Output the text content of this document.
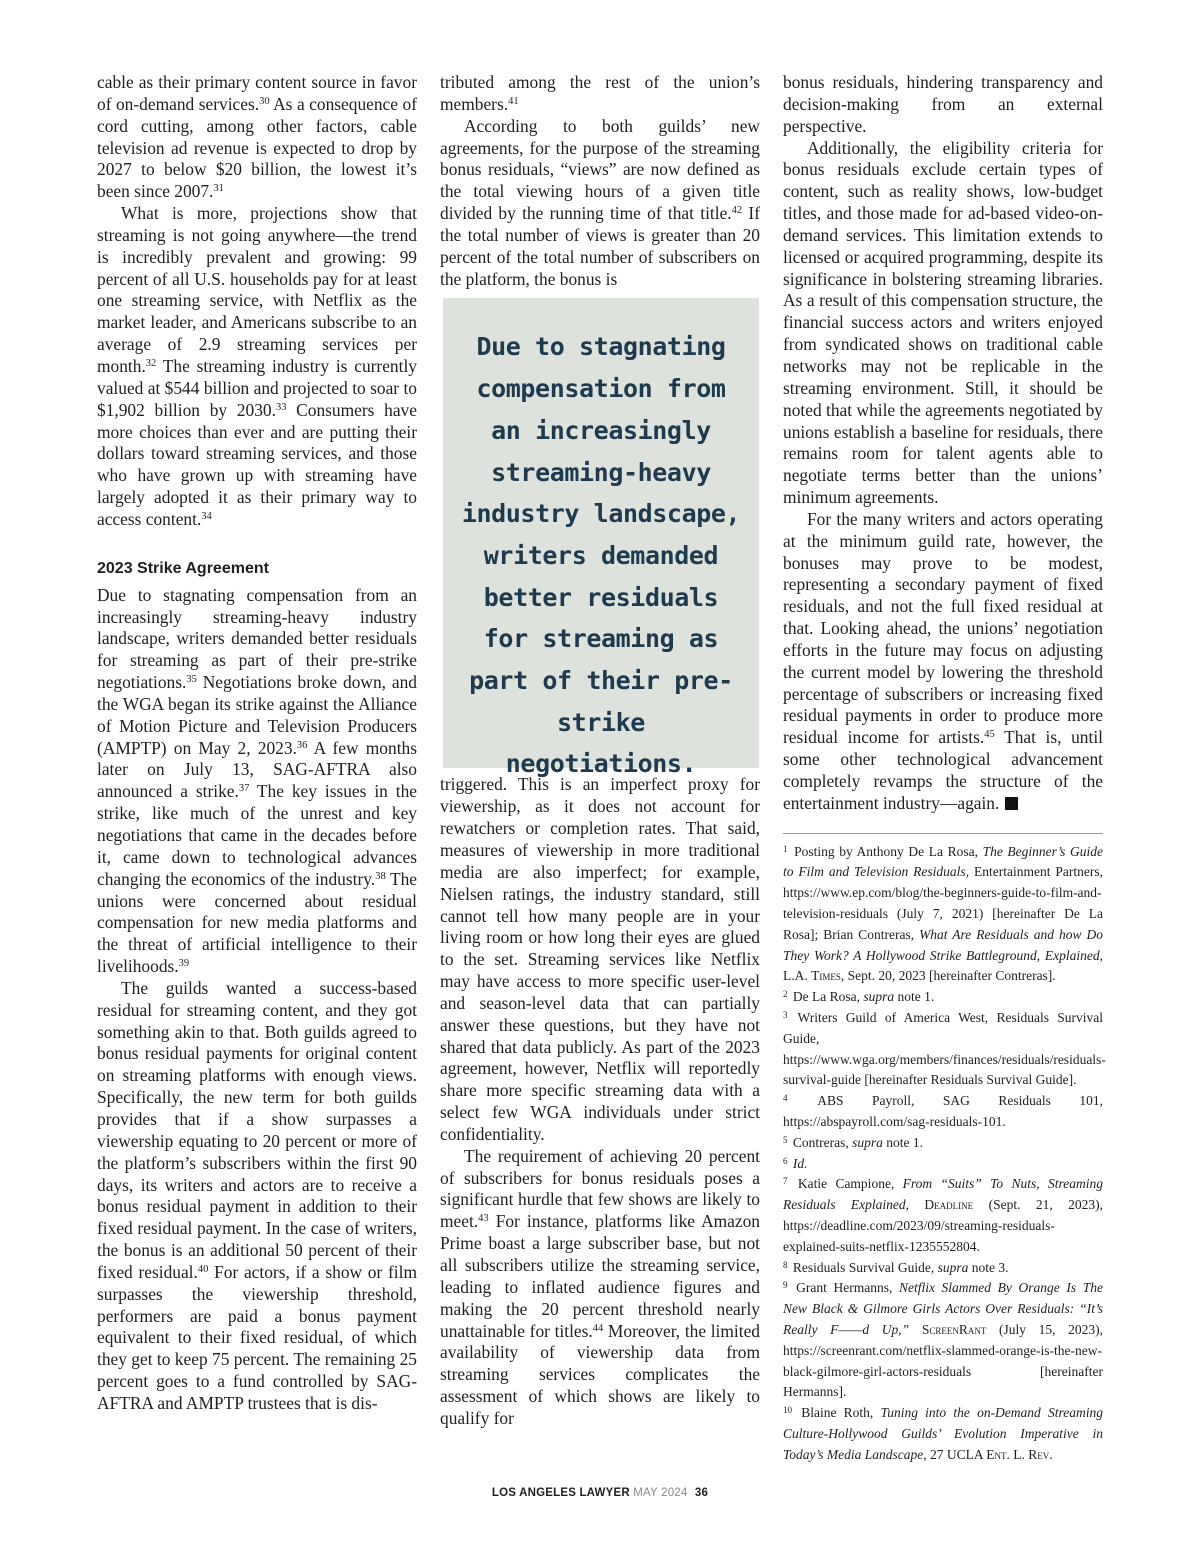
cable as their primary content source in favor of on-demand services.$^{30}$ As a consequence of cord cutting, among other factors, cable television ad revenue is expected to drop by 2027 to below $20 billion, the lowest it’s been since 2007.31

What is more, projections show that streaming is not going anywhere—the trend is incredibly prevalent and growing: 99 percent of all U.S. households pay for at least one streaming service, with Netflix as the market leader, and Americans subscribe to an average of 2.9 streaming services per month.$^{32}$ The streaming industry is currently valued at $544 billion and projected to soar to $1,902 billion by 2030.33 Consumers have more choices than ever and are putting their dollars toward streaming services, and those who have grown up with streaming have largely adopted it as their primary way to access content.$^{34}$

2023 Strike Agreement

Due to stagnating compensation from an increasingly streaming-heavy industry landscape, writers demanded better residuals for streaming as part of their pre-strike negotiations.$^{35}$ Negotiations broke down, and the WGA began its strike against the Alliance of Motion Picture and Television Producers (AMPTP) on May 2, 2023.36 A few months later on July 13, SAG-AFTRA also announced a strike.$^{37}$ The key issues in the strike, like much of the unrest and key negotiations that came in the decades before it, came down to technological advances changing the economics of the industry.$^{38}$ The unions were concerned about residual compensation for new media platforms and the threat of artificial intelligence to their livelihoods.$^{39}$

The guilds wanted a success-based residual for streaming content, and they got something akin to that. Both guilds agreed to bonus residual payments for original content on streaming platforms with enough views. Specifically, the new term for both guilds provides that if a show surpasses a viewership equating to 20 percent or more of the platform’s subscribers within the first 90 days, its writers and actors are to receive a bonus residual payment in addition to their fixed residual payment. In the case of writers, the bonus is an additional 50 percent of their fixed residual.$^{40}$ For actors, if a show or film surpasses the viewership threshold, performers are paid a bonus payment equivalent to their fixed residual, of which they get to keep 75 percent. The remaining 25 percent goes to a fund controlled by SAG-AFTRA and AMPTP trustees that is dis-

tributed among the rest of the union’s members.$^{41}$

According to both guilds’ new agreements, for the purpose of the streaming bonus residuals, “views” are now defined as the total viewing hours of a given title divided by the running time of that title.$^{42}$ If the total number of views is greater than 20 percent of the total number of subscribers on the platform, the bonus is

Due to stagnating compensation from an increasingly streaming-heavy industry landscape, writers demanded better residuals for streaming as part of their pre-strike negotiations.

triggered. This is an imperfect proxy for viewership, as it does not account for rewatchers or completion rates. That said, measures of viewership in more traditional media are also imperfect; for example, Nielsen ratings, the industry standard, still cannot tell how many people are in your living room or how long their eyes are glued to the set. Streaming services like Netflix may have access to more specific user-level and season-level data that can partially answer these questions, but they have not shared that data publicly. As part of the 2023 agreement, however, Netflix will reportedly share more specific streaming data with a select few WGA individuals under strict confidentiality.

The requirement of achieving 20 percent of subscribers for bonus residuals poses a significant hurdle that few shows are likely to meet.$^{43}$ For instance, platforms like Amazon Prime boast a large subscriber base, but not all subscribers utilize the streaming service, leading to inflated audience figures and making the 20 percent threshold nearly unattainable for titles.$^{44}$ Moreover, the limited availability of viewership data from streaming services complicates the assessment of which shows are likely to qualify for

bonus residuals, hindering transparency and decision-making from an external perspective.

Additionally, the eligibility criteria for bonus residuals exclude certain types of content, such as reality shows, low-budget titles, and those made for ad-based video-on-demand services. This limitation extends to licensed or acquired programming, despite its significance in bolstering streaming libraries. As a result of this compensation structure, the financial success actors and writers enjoyed from syndicated shows on traditional cable networks may not be replicable in the streaming environment. Still, it should be noted that while the agreements negotiated by unions establish a baseline for residuals, there remains room for talent agents able to negotiate terms better than the unions’ minimum agreements.

For the many writers and actors operating at the minimum guild rate, however, the bonuses may prove to be modest, representing a secondary payment of fixed residuals, and not the full fixed residual at that. Looking ahead, the unions’ negotiation efforts in the future may focus on adjusting the current model by lowering the threshold percentage of subscribers or increasing fixed residual payments in order to produce more residual income for artists.$^{45}$ That is, until some other technological advancement completely revamps the structure of the entertainment industry—again.

$^1$ Posting by Anthony De La Rosa, The Beginner’s Guide to Film and Television Residuals, Entertainment Partners, https://www.ep.com/blog/the-beginners-guide-to-film-and-television-residuals (July 7, 2021) [hereinafter De La Rosa]; Brian Contreras, What Are Residuals and how Do They Work? A Hollywood Strike Battleground, Explained, L.A. Times, Sept. 20, 2023 [hereinafter Contreras].

$^2$ De La Rosa, supra note 1.

$^3$ Writers Guild of America West, Residuals Survival Guide, https://www.wga.org/members/finances/residuals/residuals-survival-guide [hereinafter Residuals Survival Guide].

$^4$ ABS Payroll, SAG Residuals 101, https://abspayroll.com/sag-residuals-101.

$^5$ Contreras, supra note 1.

$^6$ Id.

$^7$ Katie Campione, From “Suits” To Nuts, Streaming Residuals Explained, Deadline (Sept. 21, 2023), https://deadline.com/2023/09/streaming-residuals-explained-suits-netflix-1235552804.

$^8$ Residuals Survival Guide, supra note 3.

$^9$ Grant Hermanns, Netflix Slammed By Orange Is The New Black & Gilmore Girls Actors Over Residuals: “It’s Really F——d Up,” ScreenRant (July 15, 2023), https://screenrant.com/netflix-slammed-orange-is-the-new-black-gilmore-girl-actors-residuals [hereinafter Hermanns].

$^{10}$ Blaine Roth, Tuning into the on-Demand Streaming Culture-Hollywood Guilds’ Evolution Imperative in Today’s Media Landscape, 27 UCLA Ent. L. Rev.

LOS ANGELES LAWYER MAY 2024 36
